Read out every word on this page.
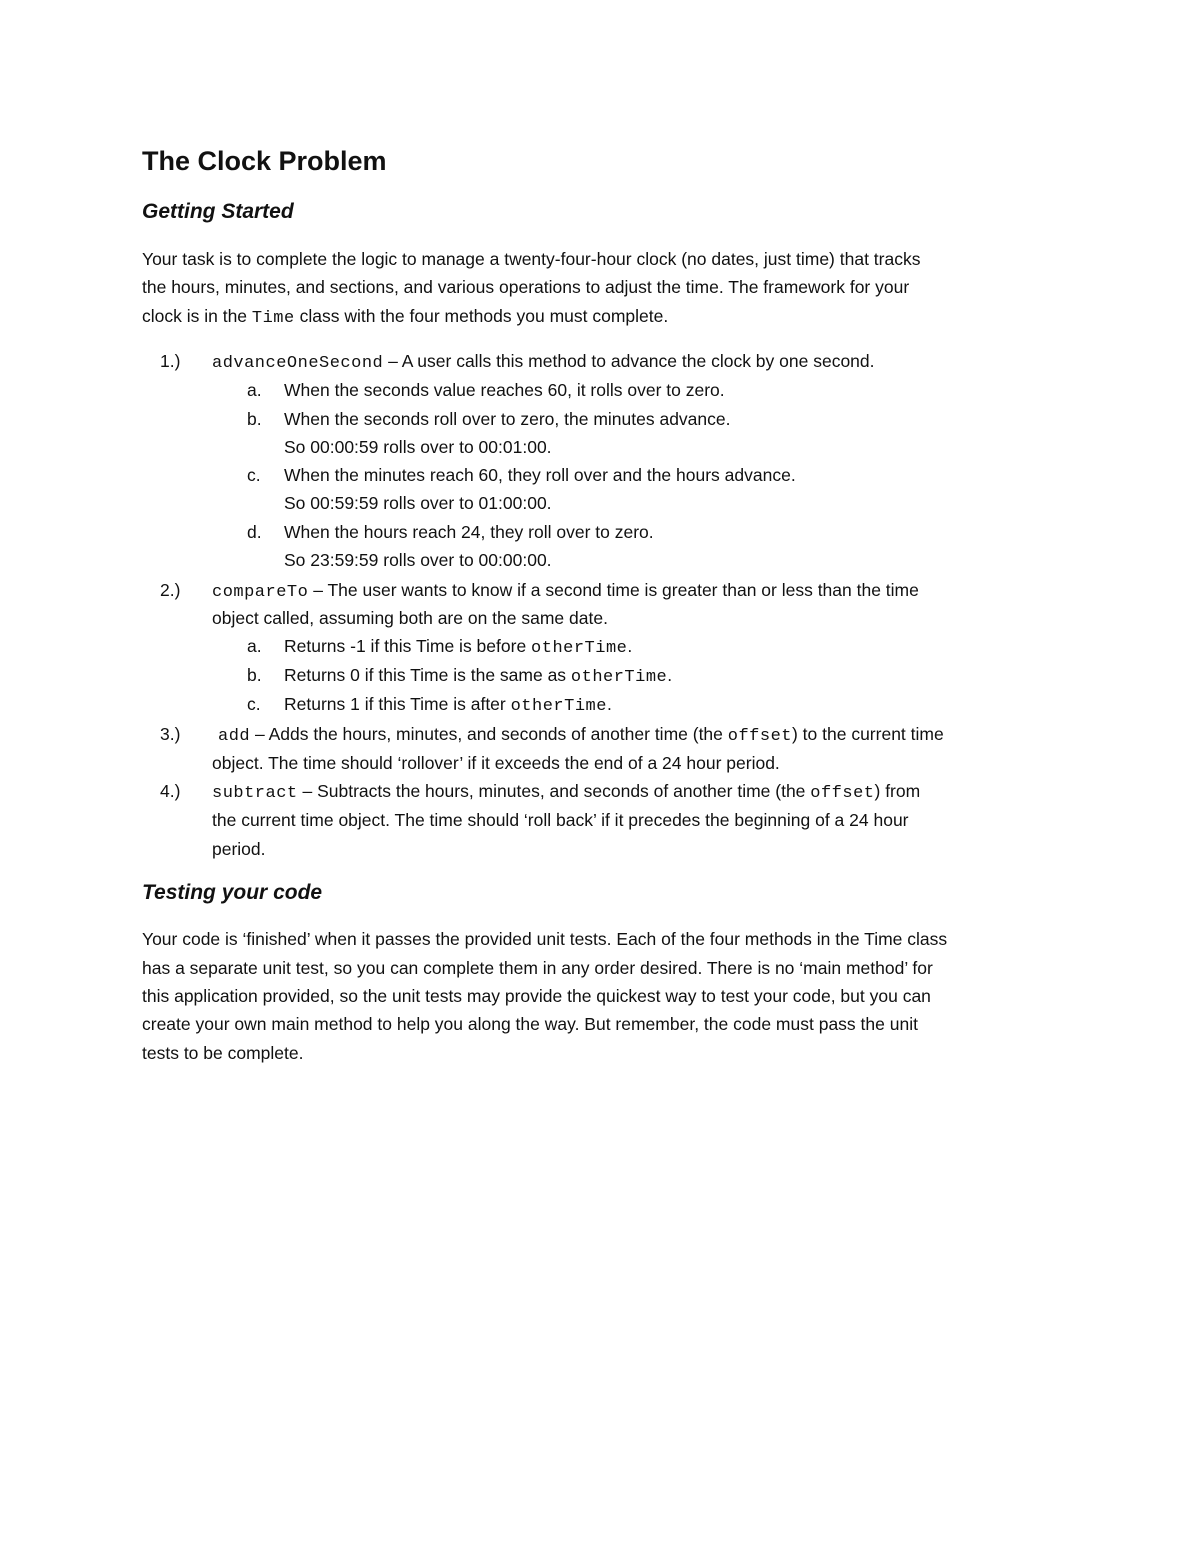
The Clock Problem
Getting Started
Your task is to complete the logic to manage a twenty-four-hour clock (no dates, just time) that tracks
the hours, minutes, and sections, and various operations to adjust the time. The framework for your
clock is in the Time class with the four methods you must complete.
1.) advanceOneSecond – A user calls this method to advance the clock by one second.
a. When the seconds value reaches 60, it rolls over to zero.
b. When the seconds roll over to zero, the minutes advance.
So 00:00:59 rolls over to 00:01:00.
c. When the minutes reach 60, they roll over and the hours advance.
So 00:59:59 rolls over to 01:00:00.
d. When the hours reach 24, they roll over to zero.
So 23:59:59 rolls over to 00:00:00.
2.) compareTo – The user wants to know if a second time is greater than or less than the time
object called, assuming both are on the same date.
a. Returns -1 if this Time is before otherTime.
b. Returns 0 if this Time is the same as otherTime.
c. Returns 1 if this Time is after otherTime.
3.) add – Adds the hours, minutes, and seconds of another time (the offset) to the current time
object. The time should ‘rollover’ if it exceeds the end of a 24 hour period.
4.) subtract – Subtracts the hours, minutes, and seconds of another time (the offset) from
the current time object. The time should ‘roll back’ if it precedes the beginning of a 24 hour
period.
Testing your code
Your code is ‘finished’ when it passes the provided unit tests. Each of the four methods in the Time class
has a separate unit test, so you can complete them in any order desired. There is no ‘main method’ for
this application provided, so the unit tests may provide the quickest way to test your code, but you can
create your own main method to help you along the way. But remember, the code must pass the unit
tests to be complete.
